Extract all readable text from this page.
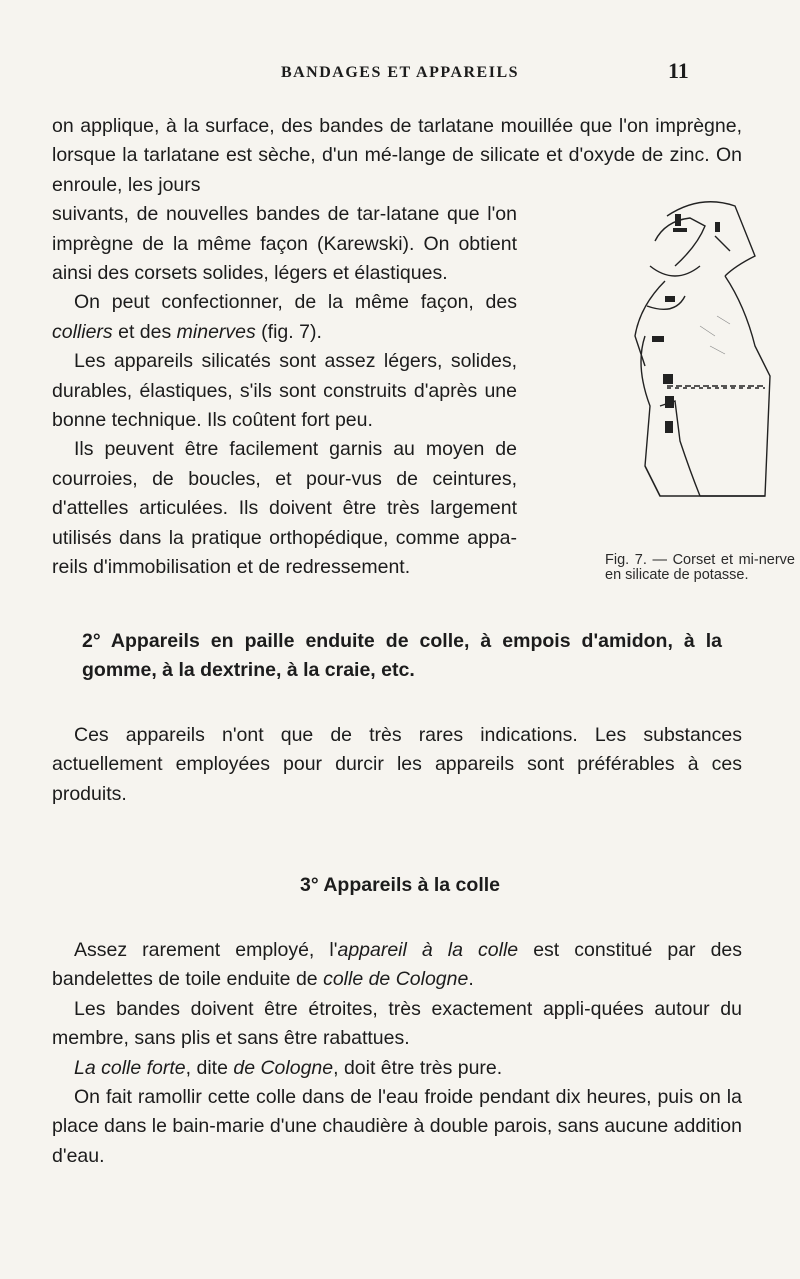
BANDAGES ET APPAREILS	11

on applique, à la surface, des bandes de tarlatane mouillée que l'on imprègne, lorsque la tarlatane est sèche, d'un mé-lange de silicate et d'oxyde de zinc. On enroule, les jours

suivants, de nouvelles bandes de tar-latane que l'on imprègne de la même façon (Karewski). On obtient ainsi des corsets solides, légers et élastiques.

On peut confectionner, de la même façon, des colliers et des minerves (fig. 7).

Les appareils silicatés sont assez légers, solides, durables, élastiques, s'ils sont construits d'après une bonne technique. Ils coûtent fort peu.

Ils peuvent être facilement garnis au moyen de courroies, de boucles, et pour-vus de ceintures, d'attelles articulées. Ils doivent être très largement utilisés dans la pratique orthopédique, comme appa-reils d'immobilisation et de redressement.	Fig. 7. — Corset et mi-nerve en silicate de potasse.

2° Appareils en paille enduite de colle, à empois d'amidon, à la gomme, à la dextrine, à la craie, etc.

Ces appareils n'ont que de très rares indications. Les substances actuellement employées pour durcir les appareils sont préférables à ces produits.

3° Appareils à la colle

Assez rarement employé, l'appareil à la colle est constitué par des bandelettes de toile enduite de colle de Cologne.

Les bandes doivent être étroites, très exactement appli-quées autour du membre, sans plis et sans être rabattues.

La colle forte, dite de Cologne, doit être très pure.

On fait ramollir cette colle dans de l'eau froide pendant dix heures, puis on la place dans le bain-marie d'une chaudière à double parois, sans aucune addition d'eau.
